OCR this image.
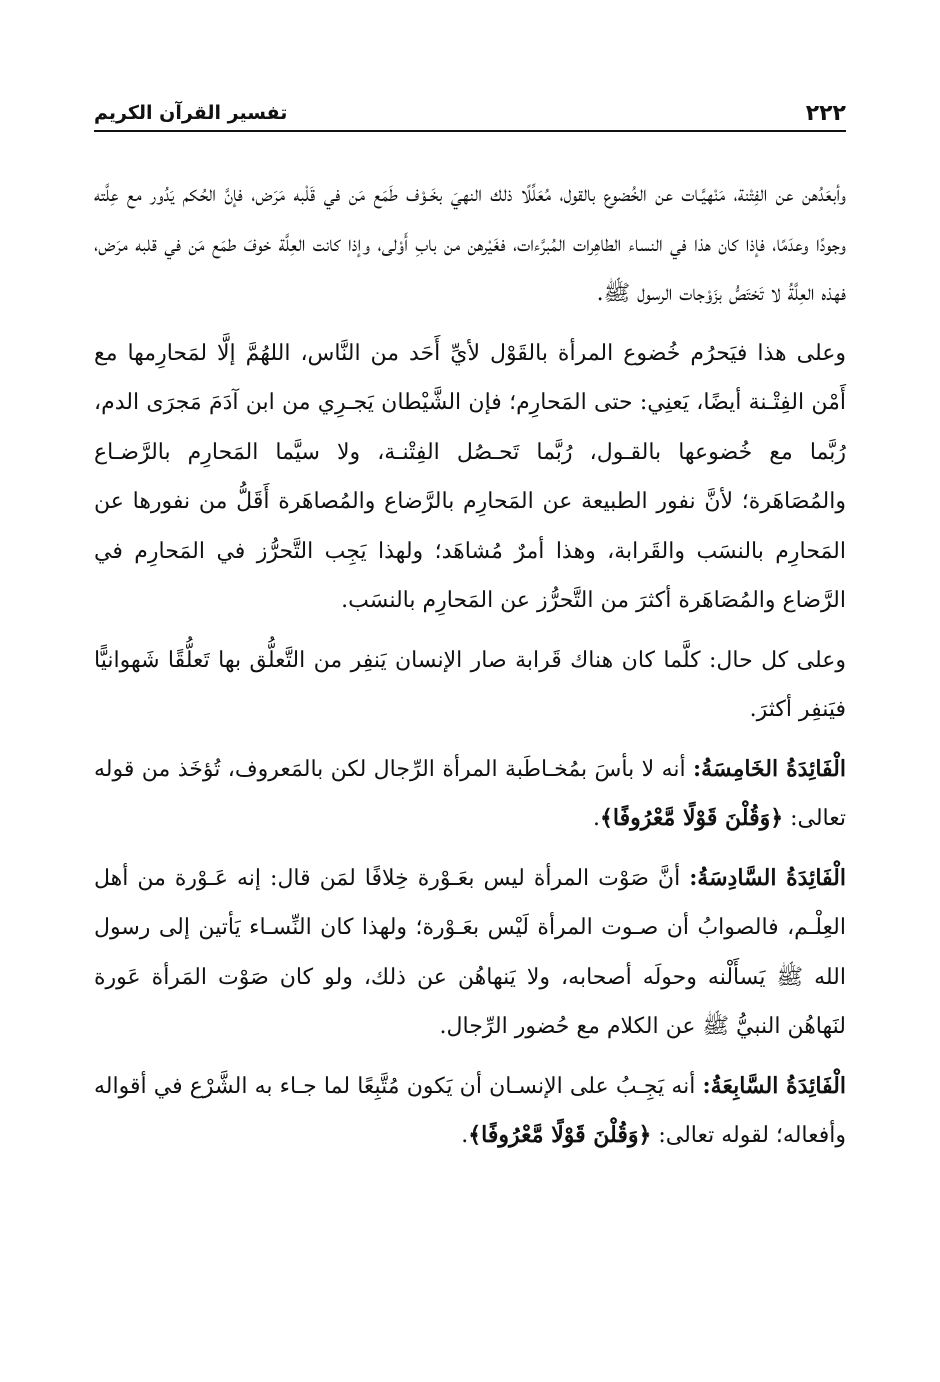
٢٢٢
تفسير القرآن الكريم

وأبعَدُهن عن الفِتْنة، مَنْهيَّـات عن الخُضوع بالقول، مُعَلِّلًا ذلك النهيَ بخَـوْف طَمَع مَن في قَلْبه مَرَض، فإنَّ الحُكم يَدُور مع عِلَّته وجودًا وعدَمًا، فإذا كان هذا في النساء الطاهِرات المُبرَّءات، فغَيْرهن من بابِ أَوْلى، وإذا كانت العِلَّة خوفَ طمَع مَن في قلبه مرَض، فهذه العِلَّةُ لا تَختَصُّ بزَوْجات الرسول ﷺ.

وعلى هذا فيَحرُم خُضوع المرأة بالقَوْل لأيِّ أَحَد من النَّاس، اللهُمَّ إلَّا لمَحارِمها مع أَمْن الفِتْـنة أيضًا، يَعنِي: حتى المَحارِم؛ فإن الشَّيْطان يَجـرِي من ابن آدَمَ مَجرَى الدم، رُبَّما مع خُضوعها بالقـول، رُبَّما تَحـصُل الفِتْنـة، ولا سيَّما المَحارِم بالرَّضـاع والمُصَاهَرة؛ لأنَّ نفور الطبيعة عن المَحارِم بالرَّضاع والمُصاهَرة أَقَلُّ من نفورها عن المَحارِم بالنسَب والقَرابة، وهذا أمرٌ مُشاهَد؛ ولهذا يَجِب التَّحرُّز في المَحارِم في الرَّضاع والمُصَاهَرة أكثرَ من التَّحرُّز عن المَحارِم بالنسَب.

وعلى كل حال: كلَّما كان هناك قَرابة صار الإنسان يَنفِر من التَّعلُّق بها تَعلُّقًا شَهوانيًّا فيَنفِر أكثرَ.

الْفَائِدَةُ الخَامِسَةُ: أنه لا بأسَ بمُخـاطَبة المرأة الرِّجال لكن بالمَعروف، تُؤخَذ من قوله تعالى: ﴿وَقُلْنَ قَوْلًا مَّعْرُوفًا﴾.

الْفَائِدَةُ السَّادِسَةُ: أنَّ صَوْت المرأة ليس بعَـوْرة خِلافًا لمَن قال: إنه عَـوْرة من أهل العِلْـم، فالصوابُ أن صـوت المرأة لَيْس بعَـوْرة؛ ولهذا كان النِّسـاء يَأتين إلى رسول الله ﷺ يَسأَلْنه وحولَه أصحابه، ولا يَنهاهُن عن ذلك، ولو كان صَوْت المَرأة عَورة لنَهاهُن النبيُّ ﷺ عن الكلام مع حُضور الرِّجال.

الْفَائِدَةُ السَّابِعَةُ: أنه يَجِـبُ على الإنسـان أن يَكون مُتَّبِعًا لما جـاء به الشَّرْع في أقواله وأفعاله؛ لقوله تعالى: ﴿وَقُلْنَ قَوْلًا مَّعْرُوفًا﴾.
